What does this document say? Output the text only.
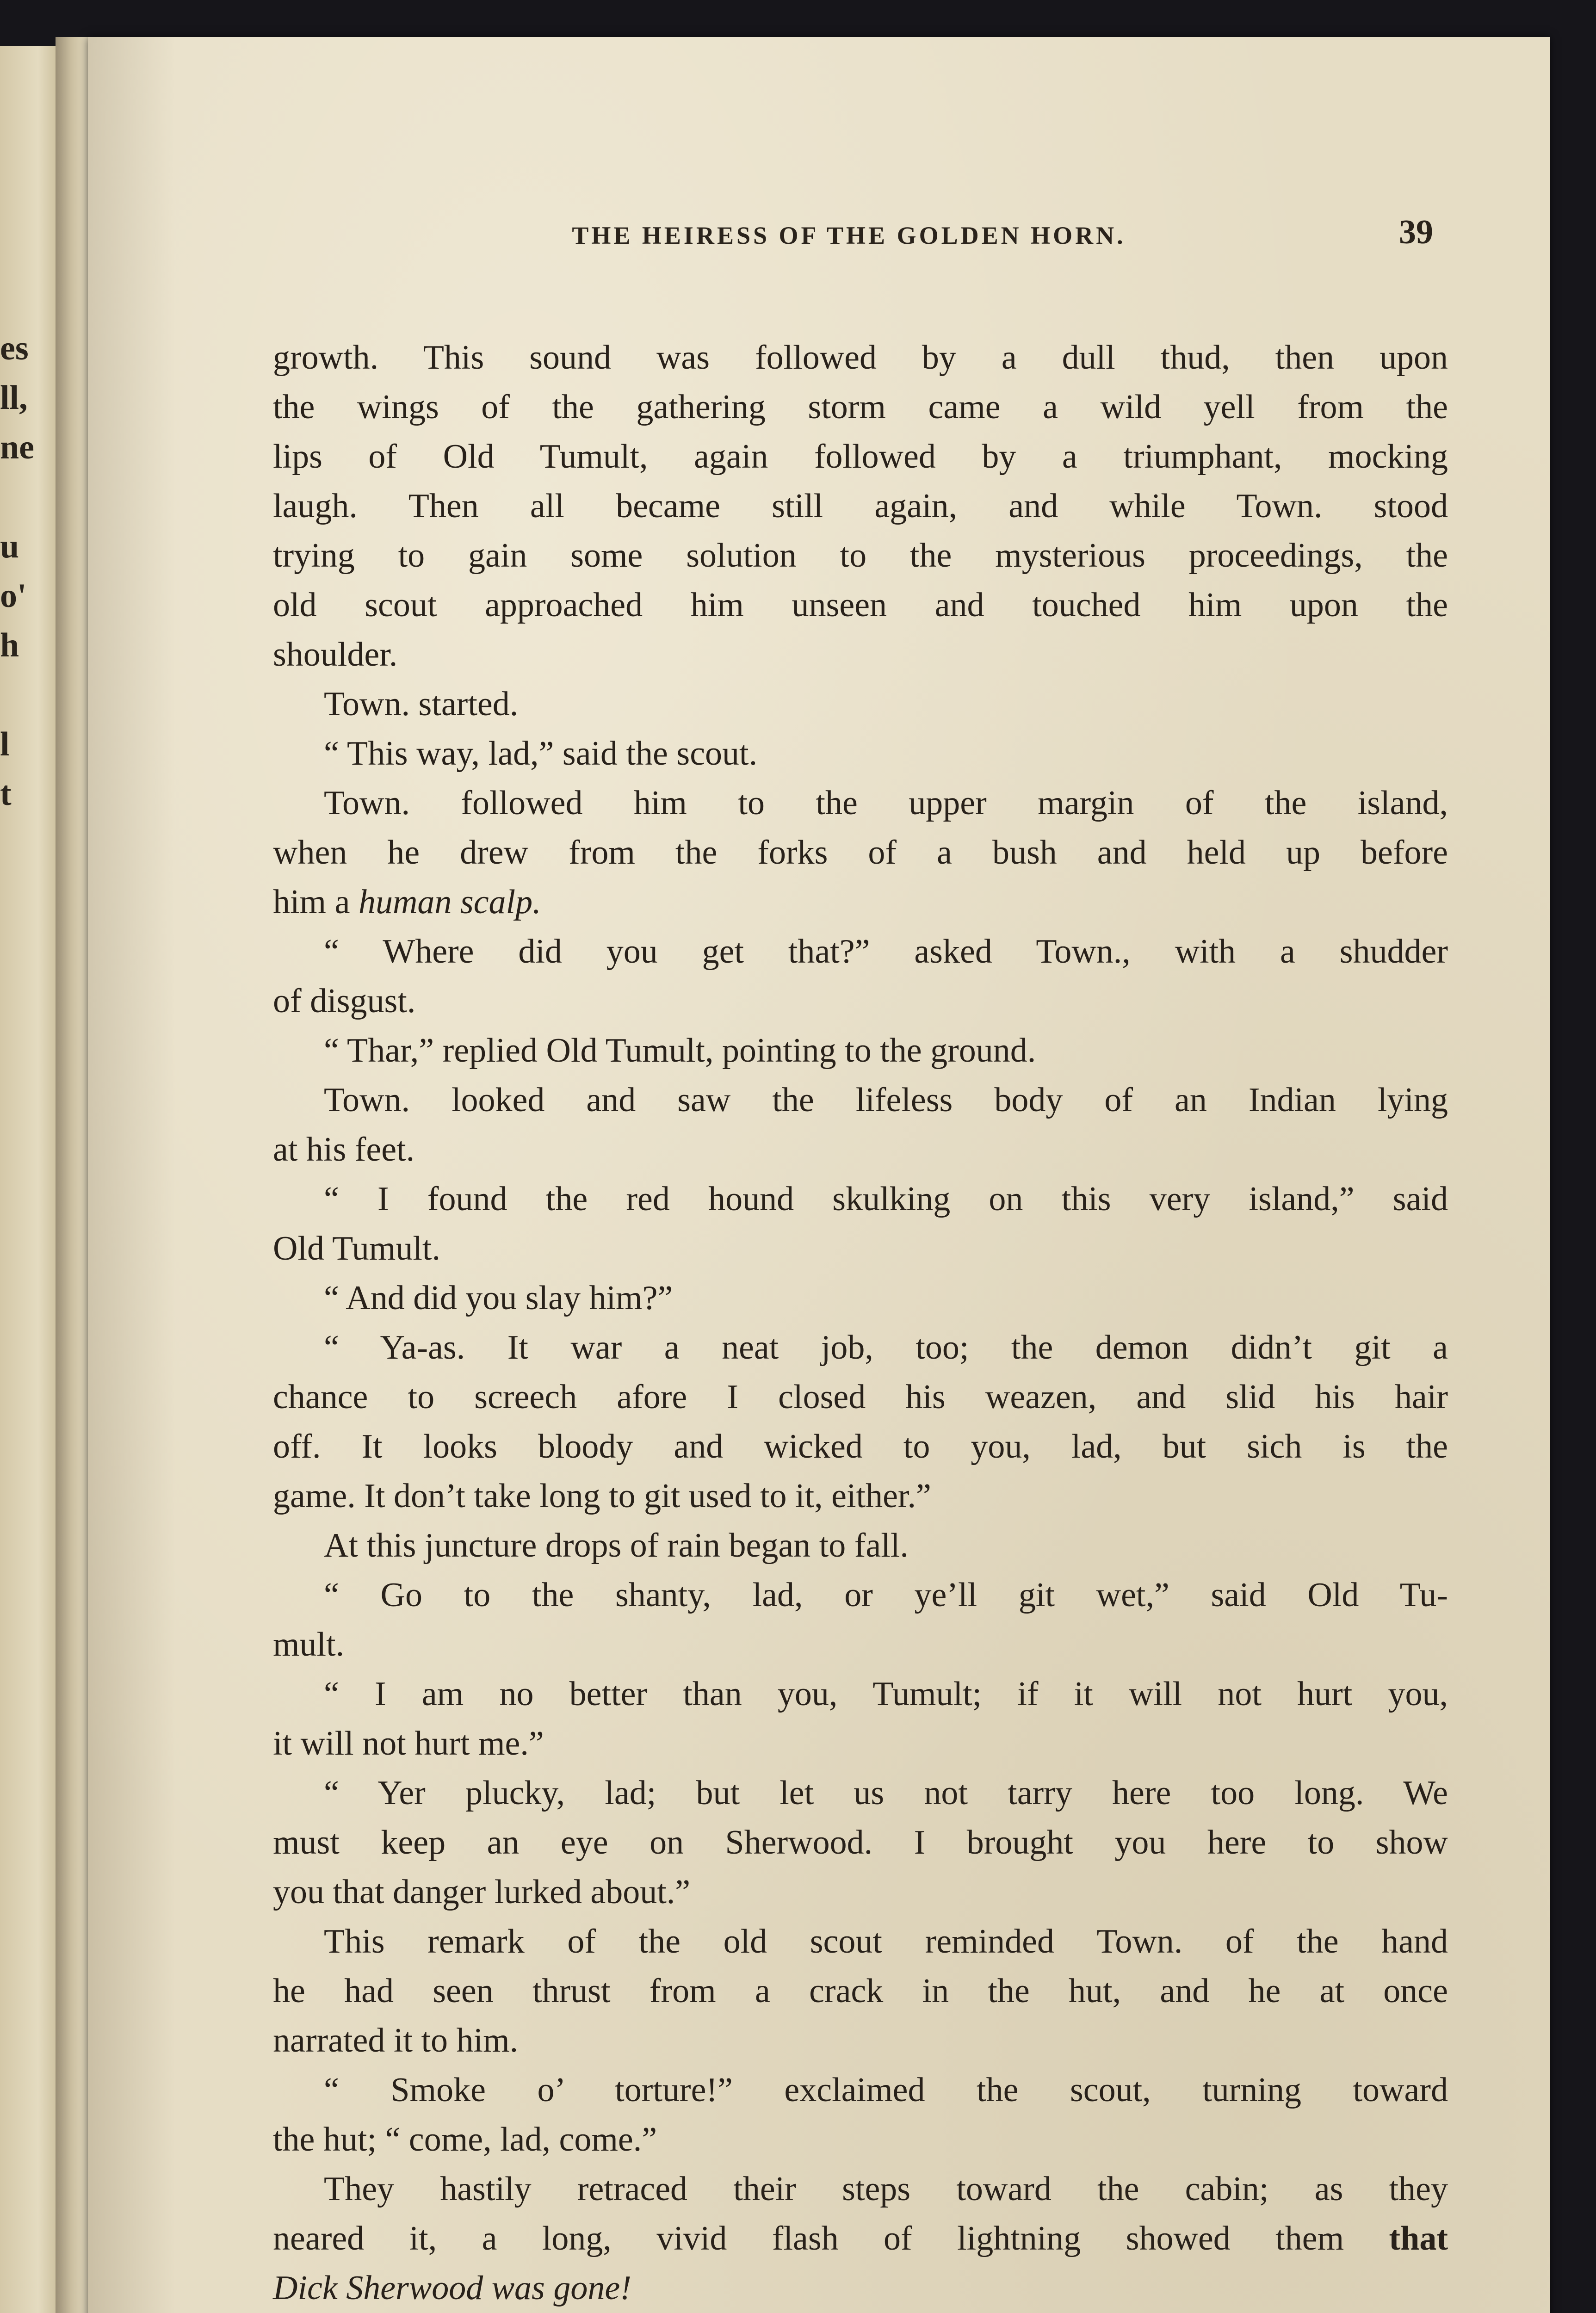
es
ll,
ne
u
o'
h
l
t
THE HEIRESS OF THE GOLDEN HORN.	39
growth. This sound was followed by a dull thud, then upon
the wings of the gathering storm came a wild yell from the
lips of Old Tumult, again followed by a triumphant, mocking
laugh. Then all became still again, and while Town. stood
trying to gain some solution to the mysterious proceedings, the
old scout approached him unseen and touched him upon the
shoulder.
Town. started.
“ This way, lad,” said the scout.
Town. followed him to the upper margin of the island,
when he drew from the forks of a bush and held up before
him a human scalp.
“ Where did you get that?” asked Town., with a shudder
of disgust.
“ Thar,” replied Old Tumult, pointing to the ground.
Town. looked and saw the lifeless body of an Indian lying
at his feet.
“ I found the red hound skulking on this very island,” said
Old Tumult.
“ And did you slay him?”
“ Ya-as. It war a neat job, too; the demon didn’t git a
chance to screech afore I closed his weazen, and slid his hair
off. It looks bloody and wicked to you, lad, but sich is the
game. It don’t take long to git used to it, either.”
At this juncture drops of rain began to fall.
“ Go to the shanty, lad, or ye’ll git wet,” said Old Tu-
mult.
“ I am no better than you, Tumult; if it will not hurt you,
it will not hurt me.”
“ Yer plucky, lad; but let us not tarry here too long. We
must keep an eye on Sherwood. I brought you here to show
you that danger lurked about.”
This remark of the old scout reminded Town. of the hand
he had seen thrust from a crack in the hut, and he at once
narrated it to him.
“ Smoke o’ torture!” exclaimed the scout, turning toward
the hut; “ come, lad, come.”
They hastily retraced their steps toward the cabin; as they
neared it, a long, vivid flash of lightning showed them that
Dick Sherwood was gone!
